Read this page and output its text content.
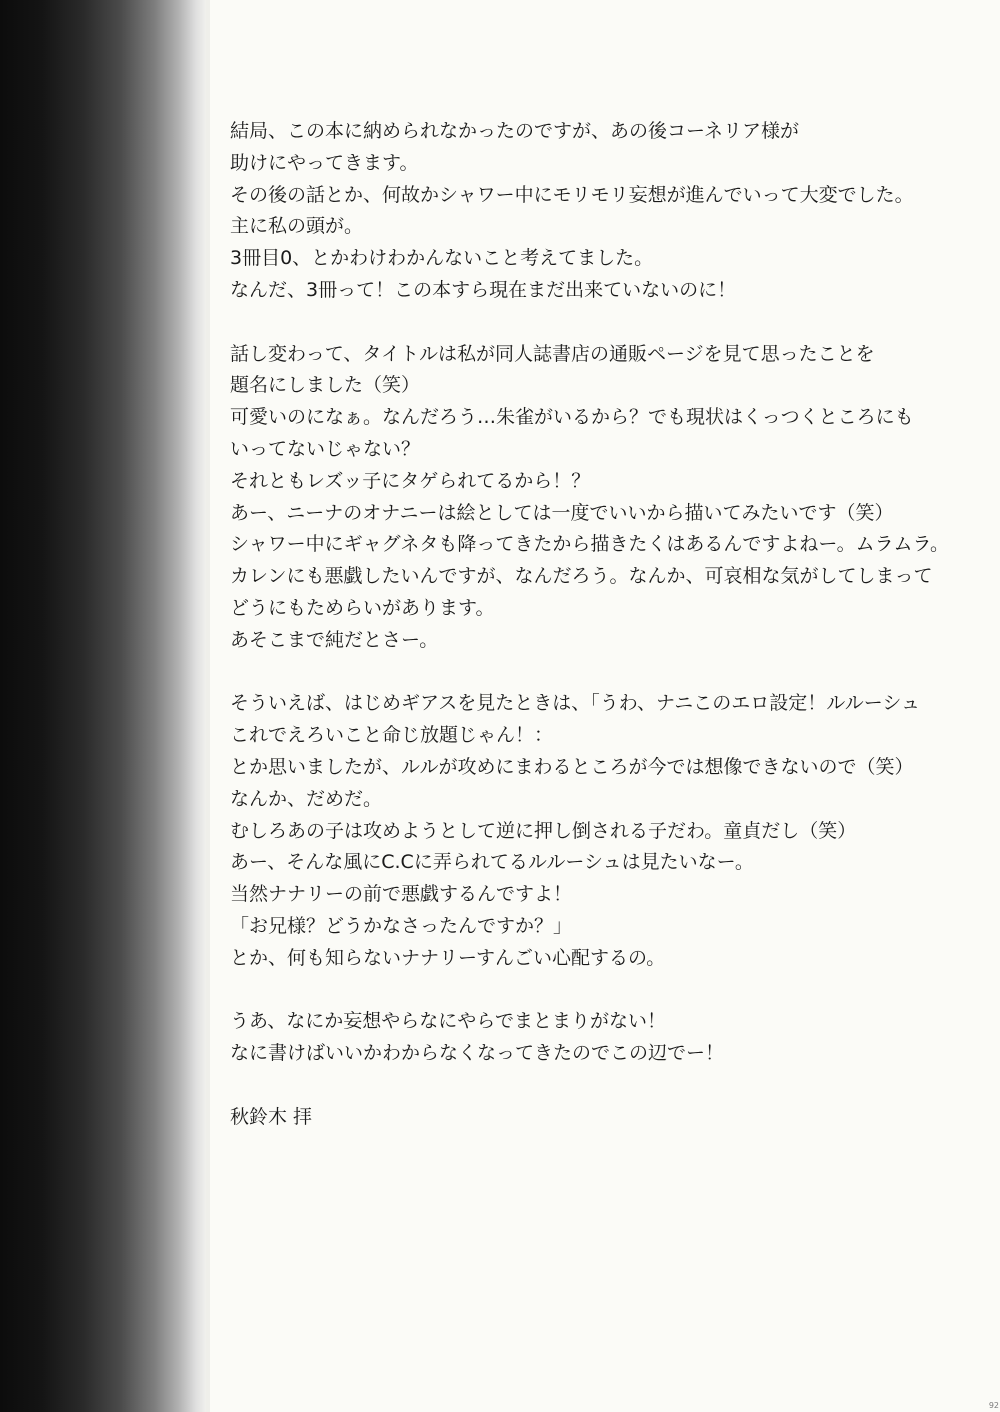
結局、この本に納められなかったのですが、あの後コーネリア様が
助けにやってきます。
その後の話とか、何故かシャワー中にモリモリ妄想が進んでいって大変でした。
主に私の頭が。
3冊目0、とかわけわかんないこと考えてました。
なんだ、3冊って！この本すら現在まだ出来ていないのに！
話し変わって、タイトルは私が同人誌書店の通販ページを見て思ったことを
題名にしました（笑）
可愛いのになぁ。なんだろう…朱雀がいるから？でも現状はくっつくところにも
いってないじゃない？
それともレズッ子にタゲられてるから！？
あー、ニーナのオナニーは絵としては一度でいいから描いてみたいです（笑）
シャワー中にギャグネタも降ってきたから描きたくはあるんですよねー。ムラムラ。
カレンにも悪戯したいんですが、なんだろう。なんか、可哀相な気がしてしまって
どうにもためらいがあります。
あそこまで純だとさー。
そういえば、はじめギアスを見たときは、「うわ、ナニこのエロ設定！ルルーシュ
これでえろいこと命じ放題じゃん！：
とか思いましたが、ルルが攻めにまわるところが今では想像できないので（笑）
なんか、だめだ。
むしろあの子は攻めようとして逆に押し倒される子だわ。童貞だし（笑）
あー、そんな風にC.Cに弄られてるルルーシュは見たいなー。
当然ナナリーの前で悪戯するんですよ！
「お兄様？どうかなさったんですか？」
とか、何も知らないナナリーすんごい心配するの。
うあ、なにか妄想やらなにやらでまとまりがない！
なに書けばいいかわからなくなってきたのでこの辺でー！
秋鈴木 拝
92
